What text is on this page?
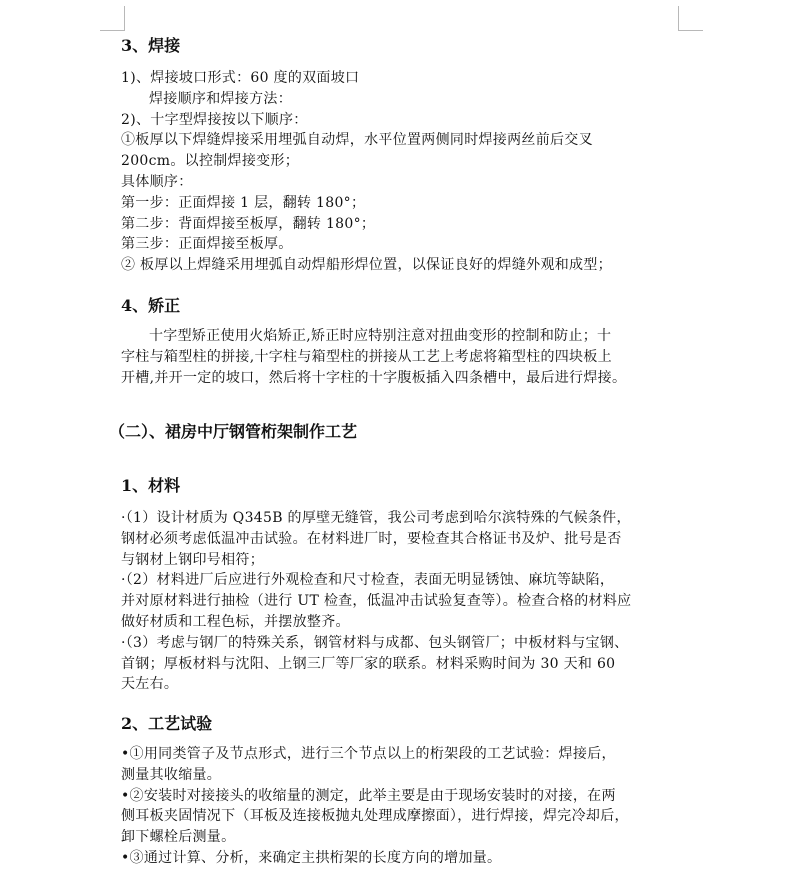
3、焊接
1)、焊接坡口形式：60 度的双面坡口
焊接顺序和焊接方法：
2)、十字型焊接按以下顺序：
①板厚以下焊缝焊接采用埋弧自动焊，水平位置两侧同时焊接两丝前后交叉
200cm。以控制焊接变形；
具体顺序：
第一步：正面焊接 1 层，翻转 180°；
第二步：背面焊接至板厚，翻转 180°；
第三步：正面焊接至板厚。
② 板厚以上焊缝采用埋弧自动焊船形焊位置，以保证良好的焊缝外观和成型；
4、矫正
十字型矫正使用火焰矫正,矫正时应特别注意对扭曲变形的控制和防止；十
字柱与箱型柱的拼接,十字柱与箱型柱的拼接从工艺上考虑将箱型柱的四块板上
开槽,并开一定的坡口，然后将十字柱的十字腹板插入四条槽中，最后进行焊接。
（二）、裙房中厅钢管桁架制作工艺
1、材料
·（1）设计材质为 Q345B 的厚壁无缝管，我公司考虑到哈尔滨特殊的气候条件，
钢材必须考虑低温冲击试验。在材料进厂时，要检查其合格证书及炉、批号是否
与钢材上钢印号相符；
·（2）材料进厂后应进行外观检查和尺寸检查，表面无明显锈蚀、麻坑等缺陷，
并对原材料进行抽检（进行 UT 检查，低温冲击试验复查等）。检查合格的材料应
做好材质和工程色标，并摆放整齐。
·（3）考虑与钢厂的特殊关系，钢管材料与成都、包头钢管厂；中板材料与宝钢、
首钢；厚板材料与沈阳、上钢三厂等厂家的联系。材料采购时间为 30 天和 60
天左右。
2、工艺试验
•①用同类管子及节点形式，进行三个节点以上的桁架段的工艺试验：焊接后，
测量其收缩量。
•②安装时对接接头的收缩量的测定，此举主要是由于现场安装时的对接，在两
侧耳板夹固情况下（耳板及连接板抛丸处理成摩擦面），进行焊接，焊完冷却后，
卸下螺栓后测量。
•③通过计算、分析，来确定主拱桁架的长度方向的增加量。
